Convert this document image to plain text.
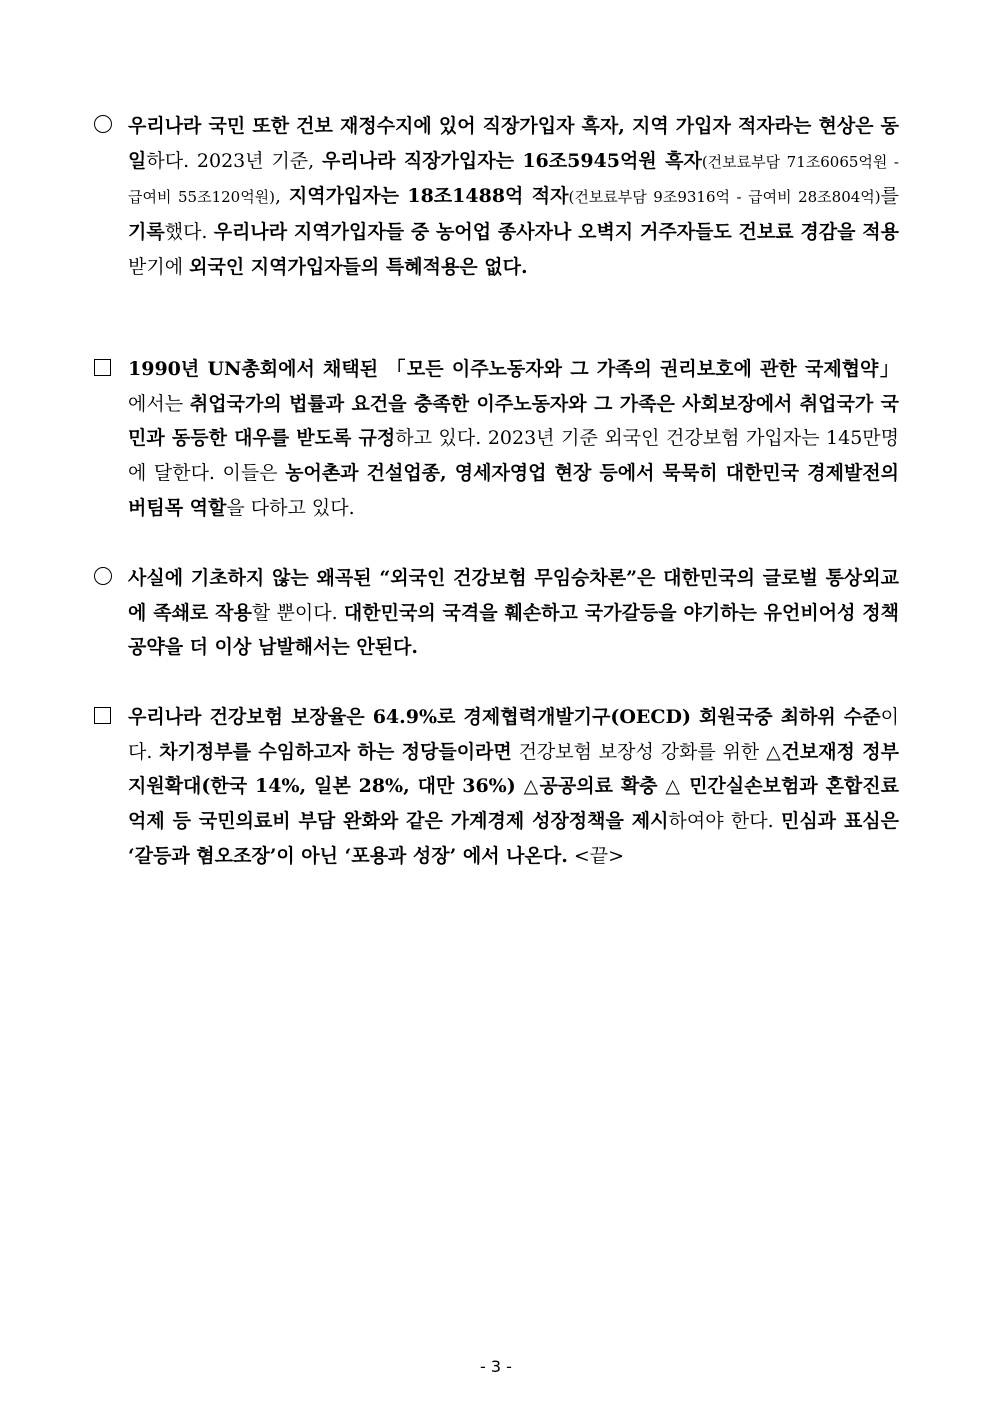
우리나라 국민 또한 건보 재정수지에 있어 직장가입자 흑자, 지역 가입자 적자라는 현상은 동일하다. 2023년 기준, 우리나라 직장가입자는 16조5945억원 흑자(건보료부담 71조6065억원 - 급여비 55조120억원), 지역가입자는 18조1488억 적자(건보료부담 9조9316억 - 급여비 28조804억)를 기록했다. 우리나라 지역가입자들 중 농어업 종사자나 오벽지 거주자들도 건보료 경감을 적용받기에 외국인 지역가입자들의 특혜적용은 없다.
1990년 UN총회에서 채택된 「모든 이주노동자와 그 가족의 권리보호에 관한 국제협약」에서는 취업국가의 법률과 요건을 충족한 이주노동자와 그 가족은 사회보장에서 취업국가 국민과 동등한 대우를 받도록 규정하고 있다. 2023년 기준 외국인 건강보험 가입자는 145만명에 달한다. 이들은 농어촌과 건설업종, 영세자영업 현장 등에서 묵묵히 대한민국 경제발전의 버팀목 역할을 다하고 있다.
사실에 기초하지 않는 왜곡된 “외국인 건강보험 무임승차론”은 대한민국의 글로벌 통상외교에 족쇄로 작용할 뿐이다. 대한민국의 국격을 훼손하고 국가갈등을 야기하는 유언비어성 정책공약을 더 이상 남발해서는 안된다.
우리나라 건강보험 보장율은 64.9%로 경제협력개발기구(OECD) 회원국중 최하위 수준이다. 차기정부를 수임하고자 하는 정당들이라면 건강보험 보장성 강화를 위한 △건보재정 정부지원확대(한국 14%, 일본 28%, 대만 36%) △공공의료 확충 △ 민간실손보험과 혼합진료 억제 등 국민의료비 부담 완화와 같은 가계경제 성장정책을 제시하여야 한다. 민심과 표심은 ‘갈등과 혐오조장’이 아닌 ‘포용과 성장’ 에서 나온다. <끝>
- 3 -
